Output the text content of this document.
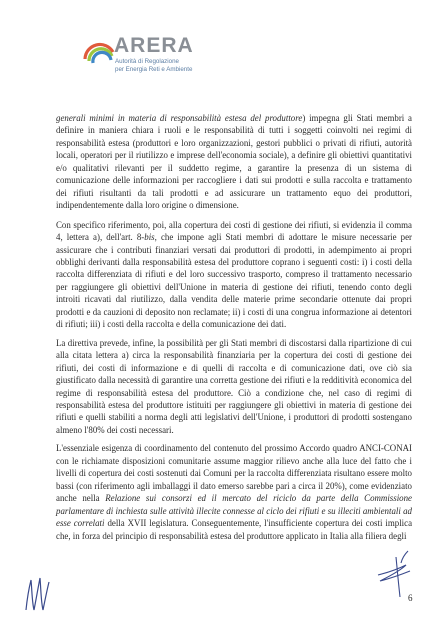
ARERA
Autorità di Regolazione
per Energia Reti e Ambiente

generali minimi in materia di responsabilità estesa del produttore) impegna gli Stati membri a definire in maniera chiara i ruoli e le responsabilità di tutti i soggetti coinvolti nei regimi di responsabilità estesa (produttori e loro organizzazioni, gestori pubblici o privati di rifiuti, autorità locali, operatori per il riutilizzo e imprese dell'economia sociale), a definire gli obiettivi quantitativi e/o qualitativi rilevanti per il suddetto regime, a garantire la presenza di un sistema di comunicazione delle informazioni per raccogliere i dati sui prodotti e sulla raccolta e trattamento dei rifiuti risultanti da tali prodotti e ad assicurare un trattamento equo dei produttori, indipendentemente dalla loro origine o dimensione.

Con specifico riferimento, poi, alla copertura dei costi di gestione dei rifiuti, si evidenzia il comma 4, lettera a), dell'art. 8-bis, che impone agli Stati membri di adottare le misure necessarie per assicurare che i contributi finanziari versati dai produttori di prodotti, in adempimento ai propri obblighi derivanti dalla responsabilità estesa del produttore coprano i seguenti costi: i) i costi della raccolta differenziata di rifiuti e del loro successivo trasporto, compreso il trattamento necessario per raggiungere gli obiettivi dell'Unione in materia di gestione dei rifiuti, tenendo conto degli introiti ricavati dal riutilizzo, dalla vendita delle materie prime secondarie ottenute dai propri prodotti e da cauzioni di deposito non reclamate; ii) i costi di una congrua informazione ai detentori di rifiuti; iii) i costi della raccolta e della comunicazione dei dati.

La direttiva prevede, infine, la possibilità per gli Stati membri di discostarsi dalla ripartizione di cui alla citata lettera a) circa la responsabilità finanziaria per la copertura dei costi di gestione dei rifiuti, dei costi di informazione e di quelli di raccolta e di comunicazione dati, ove ciò sia giustificato dalla necessità di garantire una corretta gestione dei rifiuti e la redditività economica del regime di responsabilità estesa del produttore. Ciò a condizione che, nel caso di regimi di responsabilità estesa del produttore istituiti per raggiungere gli obiettivi in materia di gestione dei rifiuti e quelli stabiliti a norma degli atti legislativi dell'Unione, i produttori di prodotti sostengano almeno l'80% dei costi necessari.

L'essenziale esigenza di coordinamento del contenuto del prossimo Accordo quadro ANCI-CONAI con le richiamate disposizioni comunitarie assume maggior rilievo anche alla luce del fatto che i livelli di copertura dei costi sostenuti dai Comuni per la raccolta differenziata risultano essere molto bassi (con riferimento agli imballaggi il dato emerso sarebbe pari a circa il 20%), come evidenziato anche nella Relazione sui consorzi ed il mercato del riciclo da parte della Commissione parlamentare di inchiesta sulle attività illecite connesse al ciclo dei rifiuti e su illeciti ambientali ad esse correlati della XVII legislatura. Conseguentemente, l'insufficiente copertura dei costi implica che, in forza del principio di responsabilità estesa del produttore applicato in Italia alla filiera degli

6
